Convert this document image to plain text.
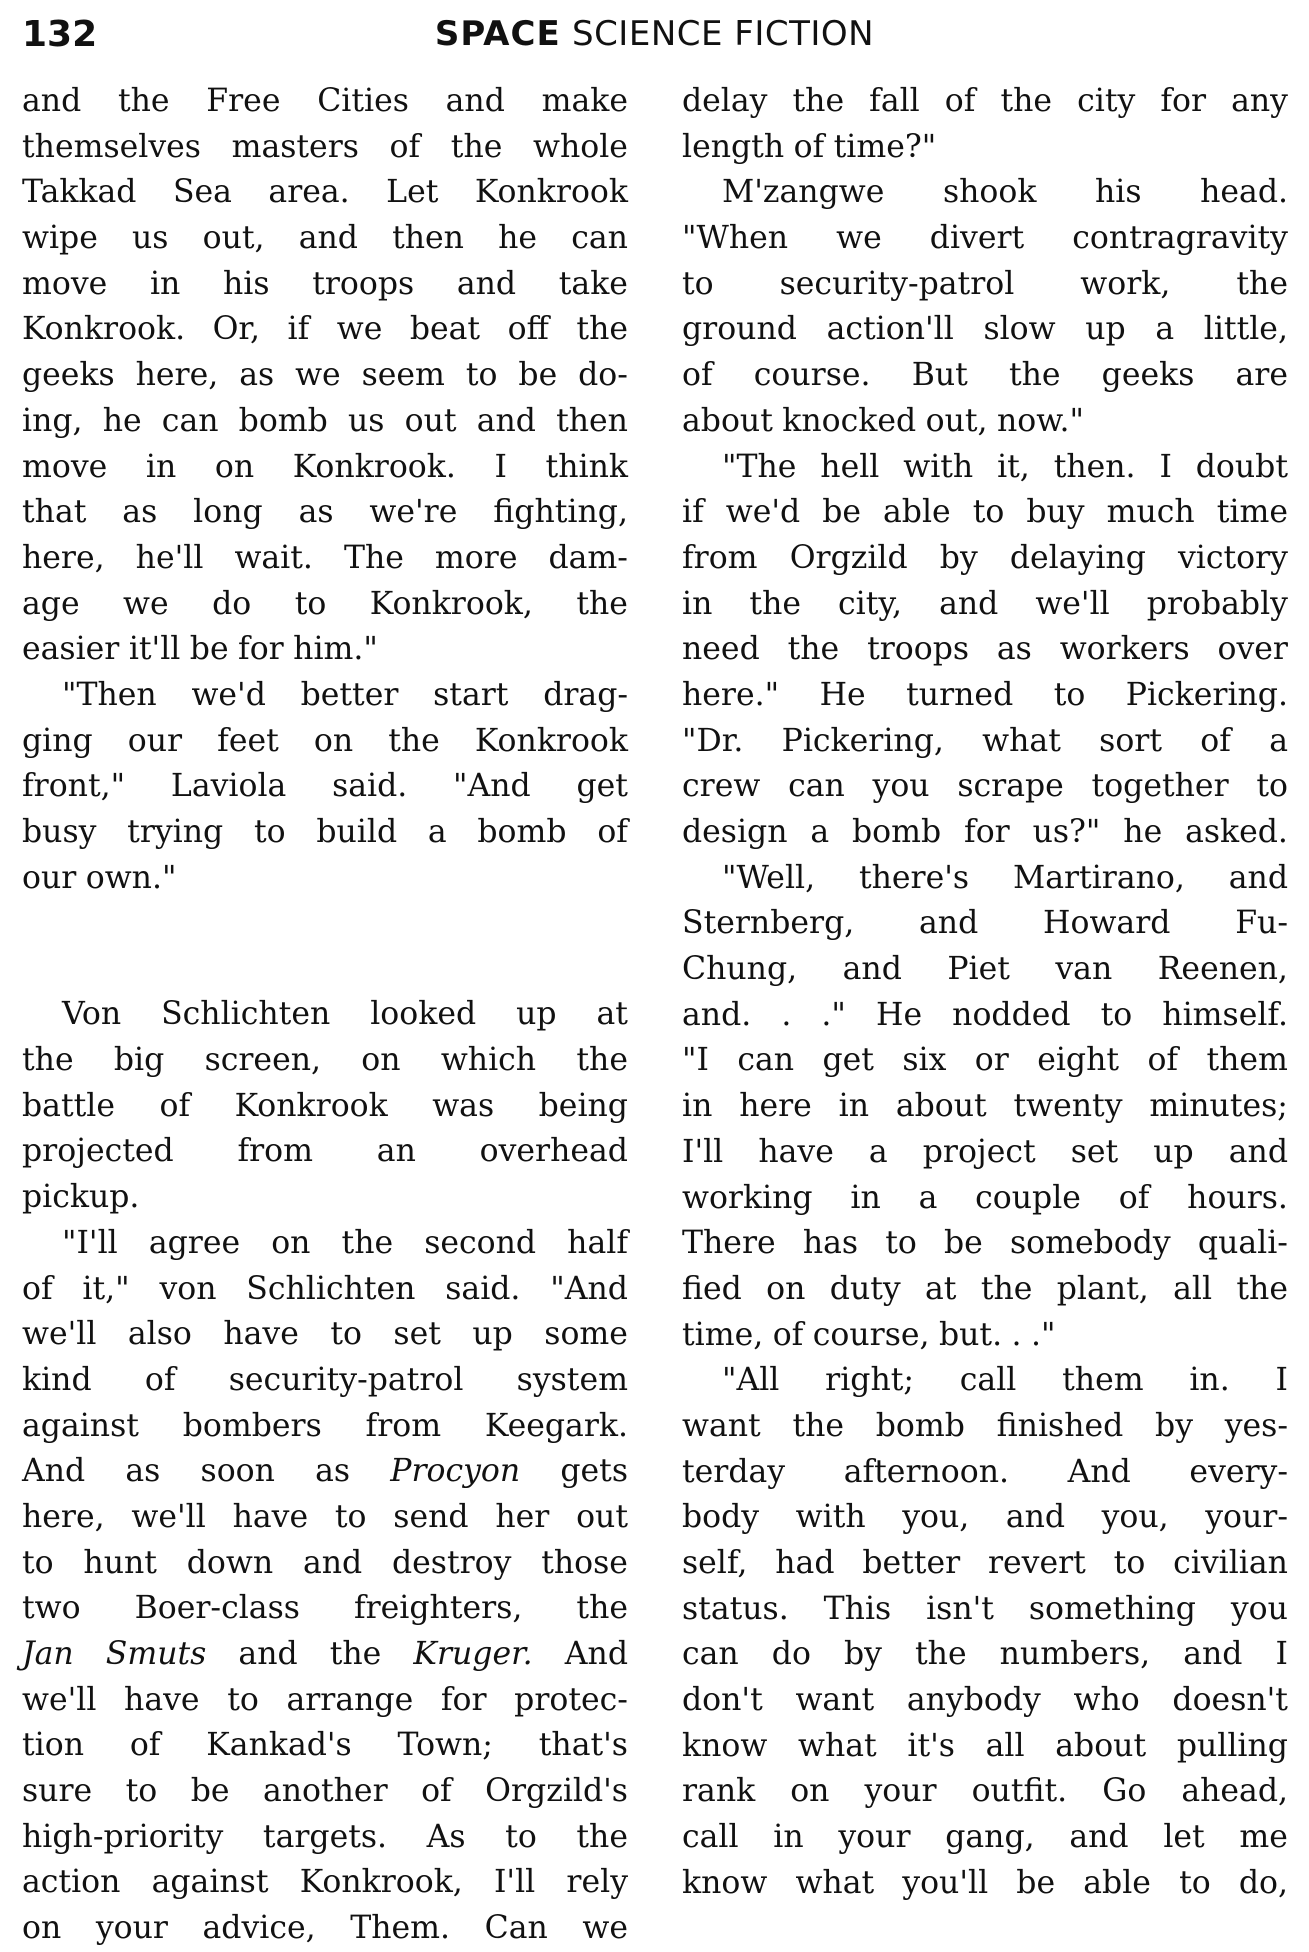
132	SPACE SCIENCE FICTION
and the Free Cities and make
themselves masters of the whole
Takkad Sea area. Let Konkrook
wipe us out, and then he can
move in his troops and take
Konkrook. Or, if we beat off the
geeks here, as we seem to be do-
ing, he can bomb us out and then
move in on Konkrook. I think
that as long as we're fighting,
here, he'll wait. The more dam-
age we do to Konkrook, the
easier it'll be for him."
"Then we'd better start drag-
ging our feet on the Konkrook
front," Laviola said. "And get
busy trying to build a bomb of
our own."
Von Schlichten looked up at
the big screen, on which the
battle of Konkrook was being
projected from an overhead
pickup.
"I'll agree on the second half
of it," von Schlichten said. "And
we'll also have to set up some
kind of security-patrol system
against bombers from Keegark.
And as soon as Procyon gets
here, we'll have to send her out
to hunt down and destroy those
two Boer-class freighters, the
Jan Smuts and the Kruger. And
we'll have to arrange for protec-
tion of Kankad's Town; that's
sure to be another of Orgzild's
high-priority targets. As to the
action against Konkrook, I'll rely
on your advice, Them. Can we
delay the fall of the city for any
length of time?"
M'zangwe shook his head.
"When we divert contragravity
to security-patrol work, the
ground action'll slow up a little,
of course. But the geeks are
about knocked out, now."
"The hell with it, then. I doubt
if we'd be able to buy much time
from Orgzild by delaying victory
in the city, and we'll probably
need the troops as workers over
here." He turned to Pickering.
"Dr. Pickering, what sort of a
crew can you scrape together to
design a bomb for us?" he asked.
"Well, there's Martirano, and
Sternberg, and Howard Fu-
Chung, and Piet van Reenen,
and. . ." He nodded to himself.
"I can get six or eight of them
in here in about twenty minutes;
I'll have a project set up and
working in a couple of hours.
There has to be somebody quali-
fied on duty at the plant, all the
time, of course, but. . ."
"All right; call them in. I
want the bomb finished by yes-
terday afternoon. And every-
body with you, and you, your-
self, had better revert to civilian
status. This isn't something you
can do by the numbers, and I
don't want anybody who doesn't
know what it's all about pulling
rank on your outfit. Go ahead,
call in your gang, and let me
know what you'll be able to do,
